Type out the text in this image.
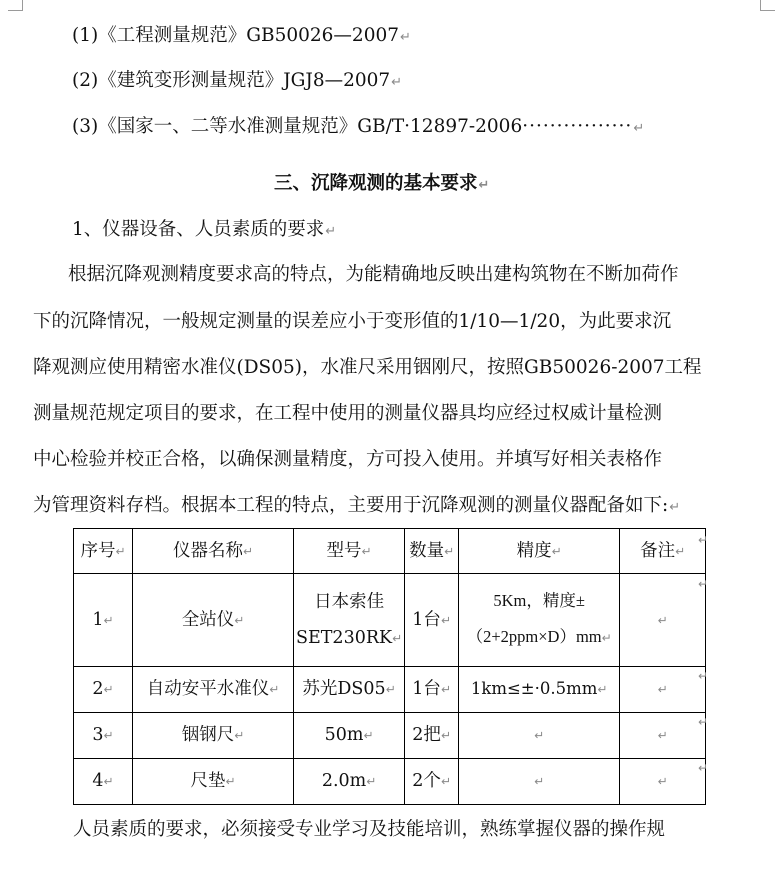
(1)《工程测量规范》GB50026—2007↵
(2)《建筑变形测量规范》JGJ8—2007↵
(3)《国家一、二等水准测量规范》GB/T·12897-2006················↵
三、沉降观测的基本要求↵
1、仪器设备、人员素质的要求↵
根据沉降观测精度要求高的特点，为能精确地反映出建构筑物在不断加荷作
下的沉降情况，一般规定测量的误差应小于变形值的1/10—1/20，为此要求沉
降观测应使用精密水准仪(DS05)，水准尺采用铟刚尺，按照GB50026-2007工程
测量规范规定项目的要求，在工程中使用的测量仪器具均应经过权威计量检测
中心检验并校正合格，以确保测量精度，方可投入使用。并填写好相关表格作
为管理资料存档。根据本工程的特点，主要用于沉降观测的测量仪器配备如下:↵
序号↵	仪器名称↵	型号↵	数量↵	精度↵	备注↵
1↵	全站仪↵	日本索佳
SET230RK↵	1台↵	5Km，精度±
（2+2ppm×D）mm↵	↵
2↵	自动安平水准仪↵	苏光DS05↵	1台↵	1km≤±·0.5mm↵	↵
3↵	铟钢尺↵	50m↵	2把↵	↵	↵
4↵	尺垫↵	2.0m↵	2个↵	↵	↵
↵
↵
↵
↵
↵
人员素质的要求，必须接受专业学习及技能培训，熟练掌握仪器的操作规
